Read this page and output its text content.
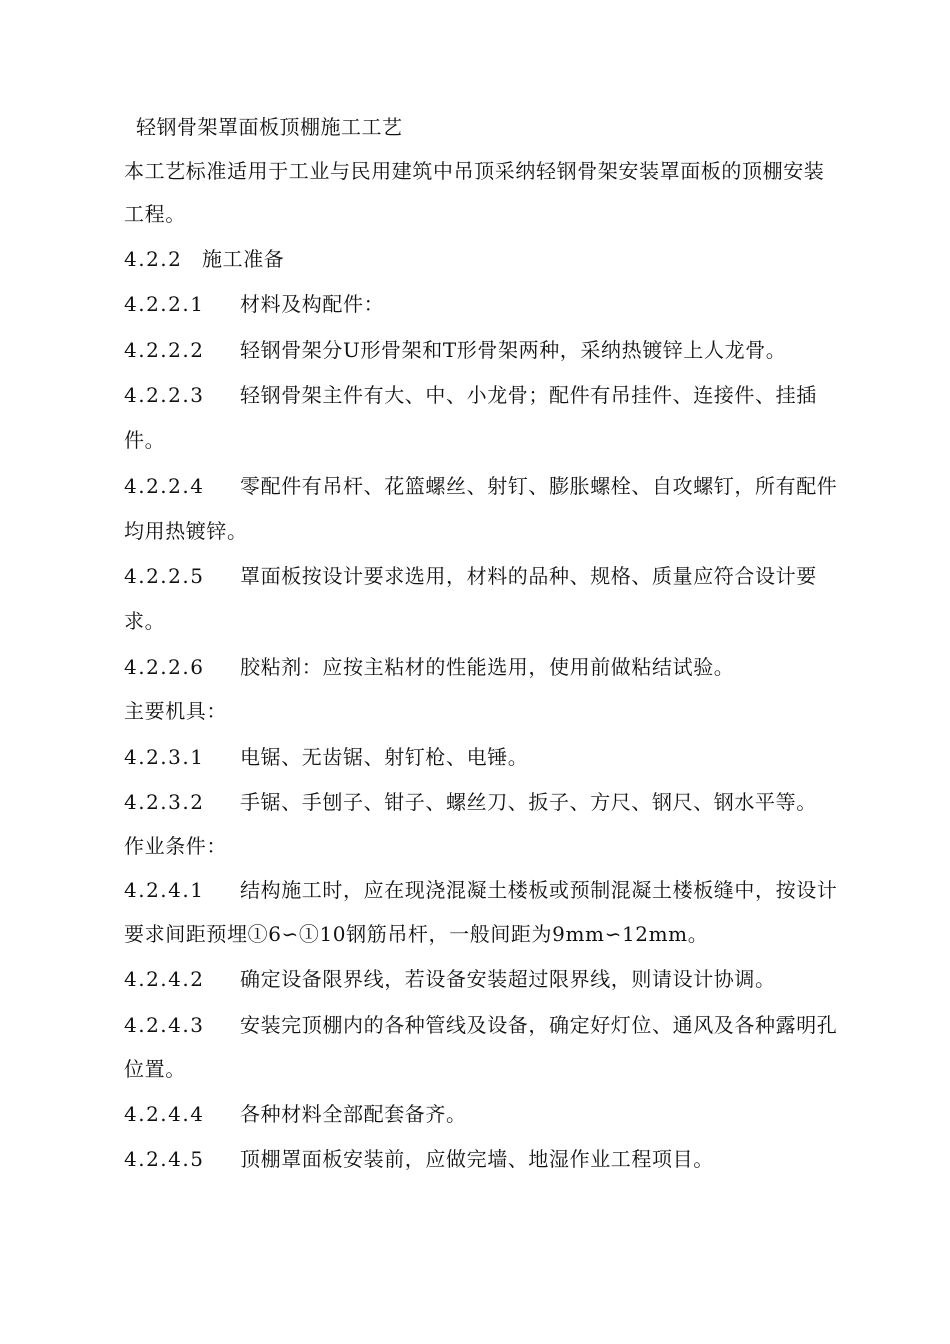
轻钢骨架罩面板顶棚施工工艺
本工艺标准适用于工业与民用建筑中吊顶采纳轻钢骨架安装罩面板的顶棚安装
工程。
4.2.2 施工准备
4.2.2.1 材料及构配件：
4.2.2.2 轻钢骨架分U形骨架和T形骨架两种，采纳热镀锌上人龙骨。
4.2.2.3 轻钢骨架主件有大、中、小龙骨；配件有吊挂件、连接件、挂插
件。
4.2.2.4 零配件有吊杆、花篮螺丝、射钉、膨胀螺栓、自攻螺钉，所有配件
均用热镀锌。
4.2.2.5 罩面板按设计要求选用，材料的品种、规格、质量应符合设计要
求。
4.2.2.6 胶粘剂：应按主粘材的性能选用，使用前做粘结试验。
主要机具：
4.2.3.1 电锯、无齿锯、射钉枪、电锤。
4.2.3.2 手锯、手刨子、钳子、螺丝刀、扳子、方尺、钢尺、钢水平等。
作业条件：
4.2.4.1 结构施工时，应在现浇混凝土楼板或预制混凝土楼板缝中，按设计
要求间距预埋①6∽①10钢筋吊杆，一般间距为9mm∽12mm。
4.2.4.2 确定设备限界线，若设备安装超过限界线，则请设计协调。
4.2.4.3 安装完顶棚内的各种管线及设备，确定好灯位、通风及各种露明孔
位置。
4.2.4.4 各种材料全部配套备齐。
4.2.4.5 顶棚罩面板安装前，应做完墙、地湿作业工程项目。
